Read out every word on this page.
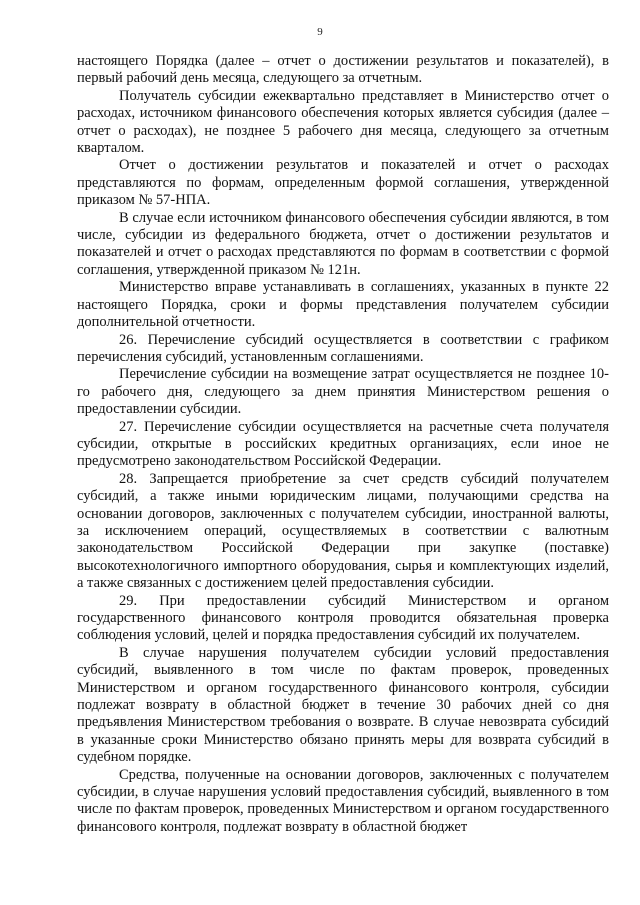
9

настоящего Порядка (далее – отчет о достижении результатов и показателей), в первый рабочий день месяца, следующего за отчетным.

Получатель субсидии ежеквартально представляет в Министерство отчет о расходах, источником финансового обеспечения которых является субсидия (далее – отчет о расходах), не позднее 5 рабочего дня месяца, следующего за отчетным кварталом.

Отчет о достижении результатов и показателей и отчет о расходах представляются по формам, определенным формой соглашения, утвержденной приказом № 57-НПА.

В случае если источником финансового обеспечения субсидии являются, в том числе, субсидии из федерального бюджета, отчет о достижении результатов и показателей и отчет о расходах представляются по формам в соответствии с формой соглашения, утвержденной приказом № 121н.

Министерство вправе устанавливать в соглашениях, указанных в пункте 22 настоящего Порядка, сроки и формы представления получателем субсидии дополнительной отчетности.

26. Перечисление субсидий осуществляется в соответствии с графиком перечисления субсидий, установленным соглашениями.

Перечисление субсидии на возмещение затрат осуществляется не позднее 10-го рабочего дня, следующего за днем принятия Министерством решения о предоставлении субсидии.

27. Перечисление субсидии осуществляется на расчетные счета получателя субсидии, открытые в российских кредитных организациях, если иное не предусмотрено законодательством Российской Федерации.

28. Запрещается приобретение за счет средств субсидий получателем субсидий, а также иными юридическим лицами, получающими средства на основании договоров, заключенных с получателем субсидии, иностранной валюты, за исключением операций, осуществляемых в соответствии с валютным законодательством Российской Федерации при закупке (поставке) высокотехнологичного импортного оборудования, сырья и комплектующих изделий, а также связанных с достижением целей предоставления субсидии.

29. При предоставлении субсидий Министерством и органом государственного финансового контроля проводится обязательная проверка соблюдения условий, целей и порядка предоставления субсидий их получателем.

В случае нарушения получателем субсидии условий предоставления субсидий, выявленного в том числе по фактам проверок, проведенных Министерством и органом государственного финансового контроля, субсидии подлежат возврату в областной бюджет в течение 30 рабочих дней со дня предъявления Министерством требования о возврате. В случае невозврата субсидий в указанные сроки Министерство обязано принять меры для возврата субсидий в судебном порядке.

Средства, полученные на основании договоров, заключенных с получателем субсидии, в случае нарушения условий предоставления субсидий, выявленного в том числе по фактам проверок, проведенных Министерством и органом государственного финансового контроля, подлежат возврату в областной бюджет
